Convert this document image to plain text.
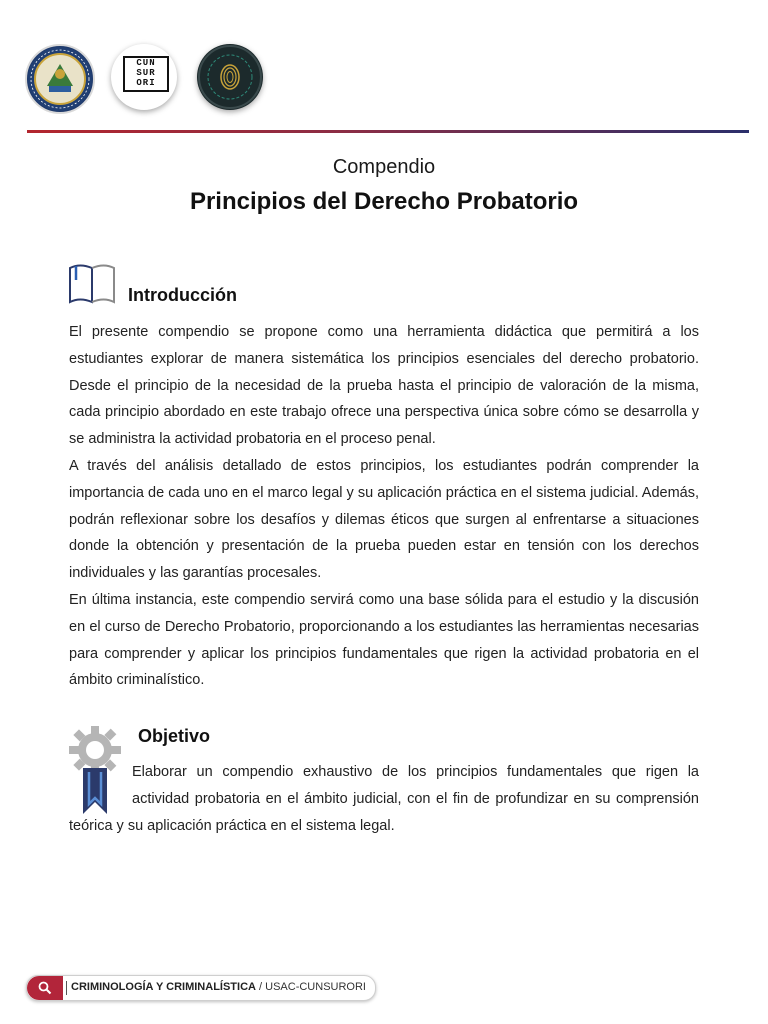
CUN
SUR
ORI
Compendio
Principios del Derecho Probatorio
Introducción

El presente compendio se propone como una herramienta didáctica que permitirá a los estudiantes explorar de manera sistemática los principios esenciales del derecho probatorio. Desde el principio de la necesidad de la prueba hasta el principio de valoración de la misma, cada principio abordado en este trabajo ofrece una perspectiva única sobre cómo se desarrolla y se administra la actividad probatoria en el proceso penal.

A través del análisis detallado de estos principios, los estudiantes podrán comprender la importancia de cada uno en el marco legal y su aplicación práctica en el sistema judicial. Además, podrán reflexionar sobre los desafíos y dilemas éticos que surgen al enfrentarse a situaciones donde la obtención y presentación de la prueba pueden estar en tensión con los derechos individuales y las garantías procesales.

En última instancia, este compendio servirá como una base sólida para el estudio y la discusión en el curso de Derecho Probatorio, proporcionando a los estudiantes las herramientas necesarias para comprender y aplicar los principios fundamentales que rigen la actividad probatoria en el ámbito criminalístico.

Objetivo
Elaborar un compendio exhaustivo de los principios fundamentales que rigen la actividad probatoria en el ámbito judicial, con el fin de profundizar en su comprensión teórica y su aplicación práctica en el sistema legal.
CRIMINOLOGÍA Y CRIMINALÍSTICA / USAC-CUNSURORI
